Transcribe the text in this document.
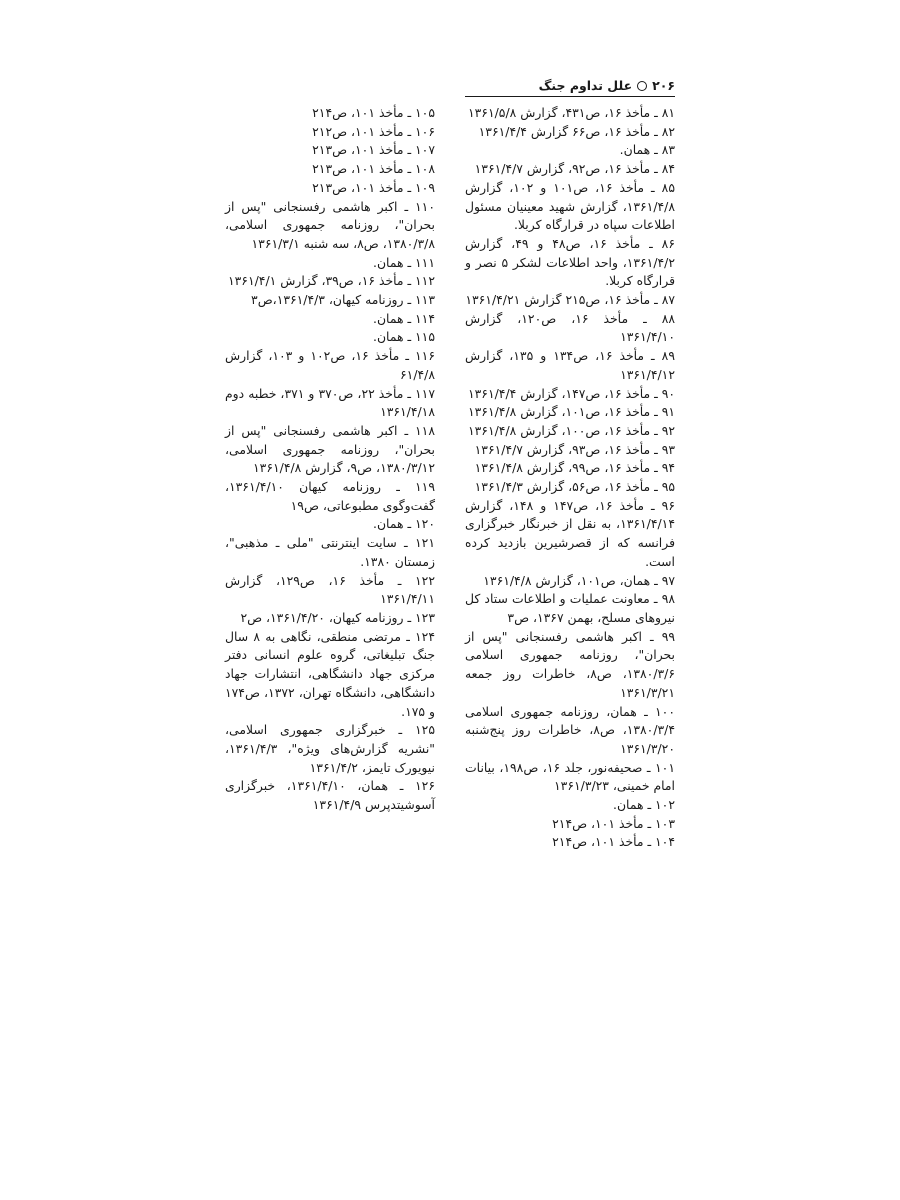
۲۰۶علل تداوم جنگ

۸۱ ـ مأخذ ۱۶، ص۴۳۱، گزارش ۱۳۶۱/۵/۸

۸۲ ـ مأخذ ۱۶، ص۶۶ گزارش ۱۳۶۱/۴/۴

۸۳ ـ همان.

۸۴ ـ مأخذ ۱۶، ص۹۲، گزارش ۱۳۶۱/۴/۷

۸۵ ـ مأخذ ۱۶، ص۱۰۱ و ۱۰۲، گزارش ۱۳۶۱/۴/۸، گزارش شهید معینیان مسئول اطلاعات سپاه در قرارگاه کربلا.

۸۶ ـ مأخذ ۱۶، ص۴۸ و ۴۹، گزارش ۱۳۶۱/۴/۲، واحد اطلاعات لشکر ۵ نصر و قرارگاه کربلا.

۸۷ ـ مأخذ ۱۶، ص۲۱۵ گزارش ۱۳۶۱/۴/۲۱

۸۸ ـ مأخذ ۱۶، ص۱۲۰، گزارش ۱۳۶۱/۴/۱۰

۸۹ ـ مأخذ ۱۶، ص۱۳۴ و ۱۳۵، گزارش ۱۳۶۱/۴/۱۲

۹۰ ـ مأخذ ۱۶، ص۱۴۷، گزارش ۱۳۶۱/۴/۴

۹۱ ـ مأخذ ۱۶، ص۱۰۱، گزارش ۱۳۶۱/۴/۸

۹۲ ـ مأخذ ۱۶، ص۱۰۰، گزارش ۱۳۶۱/۴/۸

۹۳ ـ مأخذ ۱۶، ص۹۳، گزارش ۱۳۶۱/۴/۷

۹۴ ـ مأخذ ۱۶، ص۹۹، گزارش ۱۳۶۱/۴/۸

۹۵ ـ مأخذ ۱۶، ص۵۶، گزارش ۱۳۶۱/۴/۳

۹۶ ـ مأخذ ۱۶، ص۱۴۷ و ۱۴۸، گزارش ۱۳۶۱/۴/۱۴، به نقل از خبرنگار خبرگزاری فرانسه که از قصرشیرین بازدید کرده است.

۹۷ ـ همان، ص۱۰۱، گزارش ۱۳۶۱/۴/۸

۹۸ ـ معاونت عملیات و اطلاعات ستاد کل نیروهای مسلح، بهمن ۱۳۶۷، ص۳

۹۹ ـ اکبر هاشمی رفسنجانی "پس از بحران"، روزنامه جمهوری اسلامی ۱۳۸۰/۳/۶، ص۸، خاطرات روز جمعه ۱۳۶۱/۳/۲۱

۱۰۰ ـ همان، روزنامه جمهوری اسلامی ۱۳۸۰/۳/۴، ص۸، خاطرات روز پنج‌شنبه ۱۳۶۱/۳/۲۰

۱۰۱ ـ صحیفه‌نور، جلد ۱۶، ص۱۹۸، بیانات امام خمینی، ۱۳۶۱/۳/۲۳

۱۰۲ ـ همان.

۱۰۳ ـ مأخذ ۱۰۱، ص۲۱۴

۱۰۴ ـ مأخذ ۱۰۱، ص۲۱۴

۱۰۵ ـ مأخذ ۱۰۱، ص۲۱۴

۱۰۶ ـ مأخذ ۱۰۱، ص۲۱۲

۱۰۷ ـ مأخذ ۱۰۱، ص۲۱۳

۱۰۸ ـ مأخذ ۱۰۱، ص۲۱۳

۱۰۹ ـ مأخذ ۱۰۱، ص۲۱۳

۱۱۰ ـ اکبر هاشمی رفسنجانی "پس از بحران"، روزنامه جمهوری اسلامی، ۱۳۸۰/۳/۸، ص۸، سه شنبه ۱۳۶۱/۳/۱

۱۱۱ ـ همان.

۱۱۲ ـ مأخذ ۱۶، ص۳۹، گزارش ۱۳۶۱/۴/۱

۱۱۳ ـ روزنامه کیهان، ۱۳۶۱/۴/۳،ص۳

۱۱۴ ـ همان.

۱۱۵ ـ همان.

۱۱۶ ـ مأخذ ۱۶، ص۱۰۲ و ۱۰۳، گزارش ۶۱/۴/۸

۱۱۷ ـ مأخذ ۲۲، ص۳۷۰ و ۳۷۱، خطبه دوم ۱۳۶۱/۴/۱۸

۱۱۸ ـ اکبر هاشمی رفسنجانی "پس از بحران"، روزنامه جمهوری اسلامی، ۱۳۸۰/۳/۱۲، ص۹، گزارش ۱۳۶۱/۴/۸

۱۱۹ ـ روزنامه کیهان ۱۳۶۱/۴/۱۰، گفت‌وگوی مطبوعاتی، ص۱۹

۱۲۰ ـ همان.

۱۲۱ ـ سایت اینترنتی "ملی ـ مذهبی"، زمستان ۱۳۸۰.

۱۲۲ ـ مأخذ ۱۶، ص۱۲۹، گزارش ۱۳۶۱/۴/۱۱

۱۲۳ ـ روزنامه کیهان، ۱۳۶۱/۴/۲۰، ص۲

۱۲۴ ـ مرتضی منطقی، نگاهی به ۸ سال جنگ تبلیغاتی، گروه علوم انسانی دفتر مرکزی جهاد دانشگاهی، انتشارات جهاد دانشگاهی، دانشگاه تهران، ۱۳۷۲، ص۱۷۴ و ۱۷۵.

۱۲۵ ـ خبرگزاری جمهوری اسلامی، "نشریه گزارش‌های ویژه"، ۱۳۶۱/۴/۳، نیویورک تایمز، ۱۳۶۱/۴/۲

۱۲۶ ـ همان، ۱۳۶۱/۴/۱۰، خبرگزاری آسوشیتدپرس ۱۳۶۱/۴/۹
